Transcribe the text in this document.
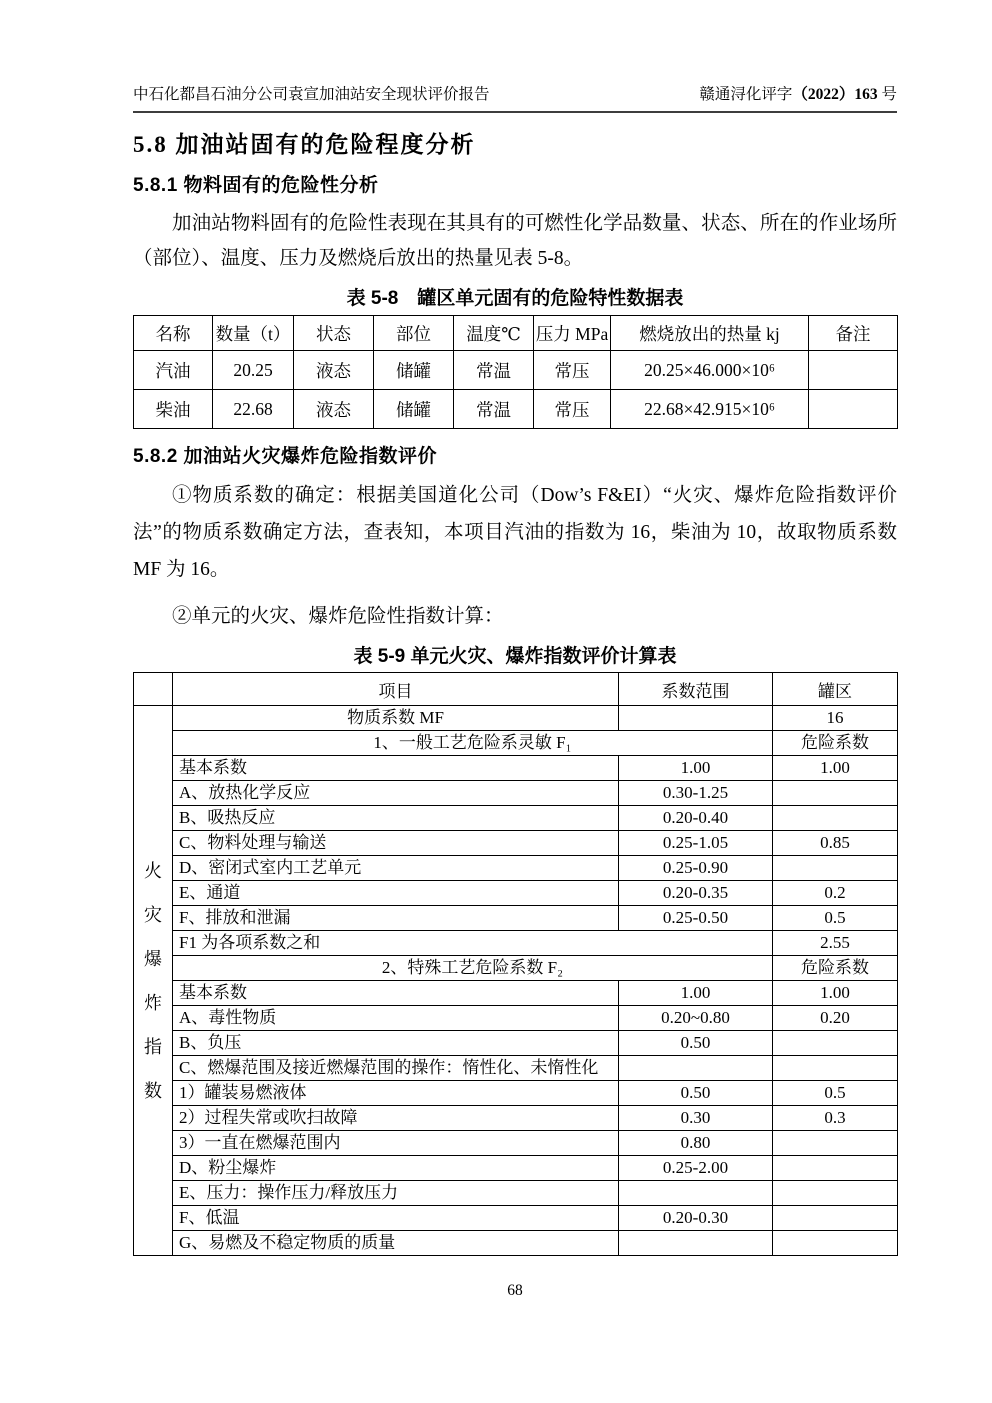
中石化都昌石油分公司袁宣加油站安全现状评价报告	赣通浔化评字（2022）163 号
5.8 加油站固有的危险程度分析
5.8.1 物料固有的危险性分析

加油站物料固有的危险性表现在其具有的可燃性化学品数量、状态、所在的作业场所（部位）、温度、压力及燃烧后放出的热量见表 5-8。

表 5-8　罐区单元固有的危险特性数据表
名称	数量（t）	状态	部位	温度℃	压力 MPa	燃烧放出的热量 kj	备注
汽油	20.25	液态	储罐	常温	常压	20.25×46.000×10⁶	
柴油	22.68	液态	储罐	常温	常压	22.68×42.915×10⁶	
5.8.2 加油站火灾爆炸危险指数评价

①物质系数的确定：根据美国道化公司（Dow’s F&EI）“火灾、爆炸危险指数评价法”的物质系数确定方法，查表知，本项目汽油的指数为 16，柴油为 10，故取物质系数 MF 为 16。

②单元的火灾、爆炸危险性指数计算：

表 5-9 单元火灾、爆炸指数评价计算表
	项目	系数范围	罐区

火
灾
爆
炸
指
数
	物质系数 MF		16
	1、一般工艺危险系灵敏 F₁		危险系数
	基本系数	1.00	1.00
	A、放热化学反应	0.30-1.25	
	B、吸热反应	0.20-0.40	
	C、物料处理与输送	0.25-1.05	0.85
	D、密闭式室内工艺单元	0.25-0.90	
	E、通道	0.20-0.35	0.2
	F、排放和泄漏	0.25-0.50	0.5
	F1 为各项系数之和		2.55
	2、特殊工艺危险系数 F₂		危险系数
	基本系数	1.00	1.00
	A、毒性物质	0.20~0.80	0.20
	B、负压	0.50	
	C、燃爆范围及接近燃爆范围的操作：惰性化、未惰性化		
	1）罐装易燃液体	0.50	0.5
	2）过程失常或吹扫故障	0.30	0.3
	3）一直在燃爆范围内	0.80	
	D、粉尘爆炸	0.25-2.00	
	E、压力：操作压力/释放压力		
	F、低温	0.20-0.30	
	G、易燃及不稳定物质的质量		
68
